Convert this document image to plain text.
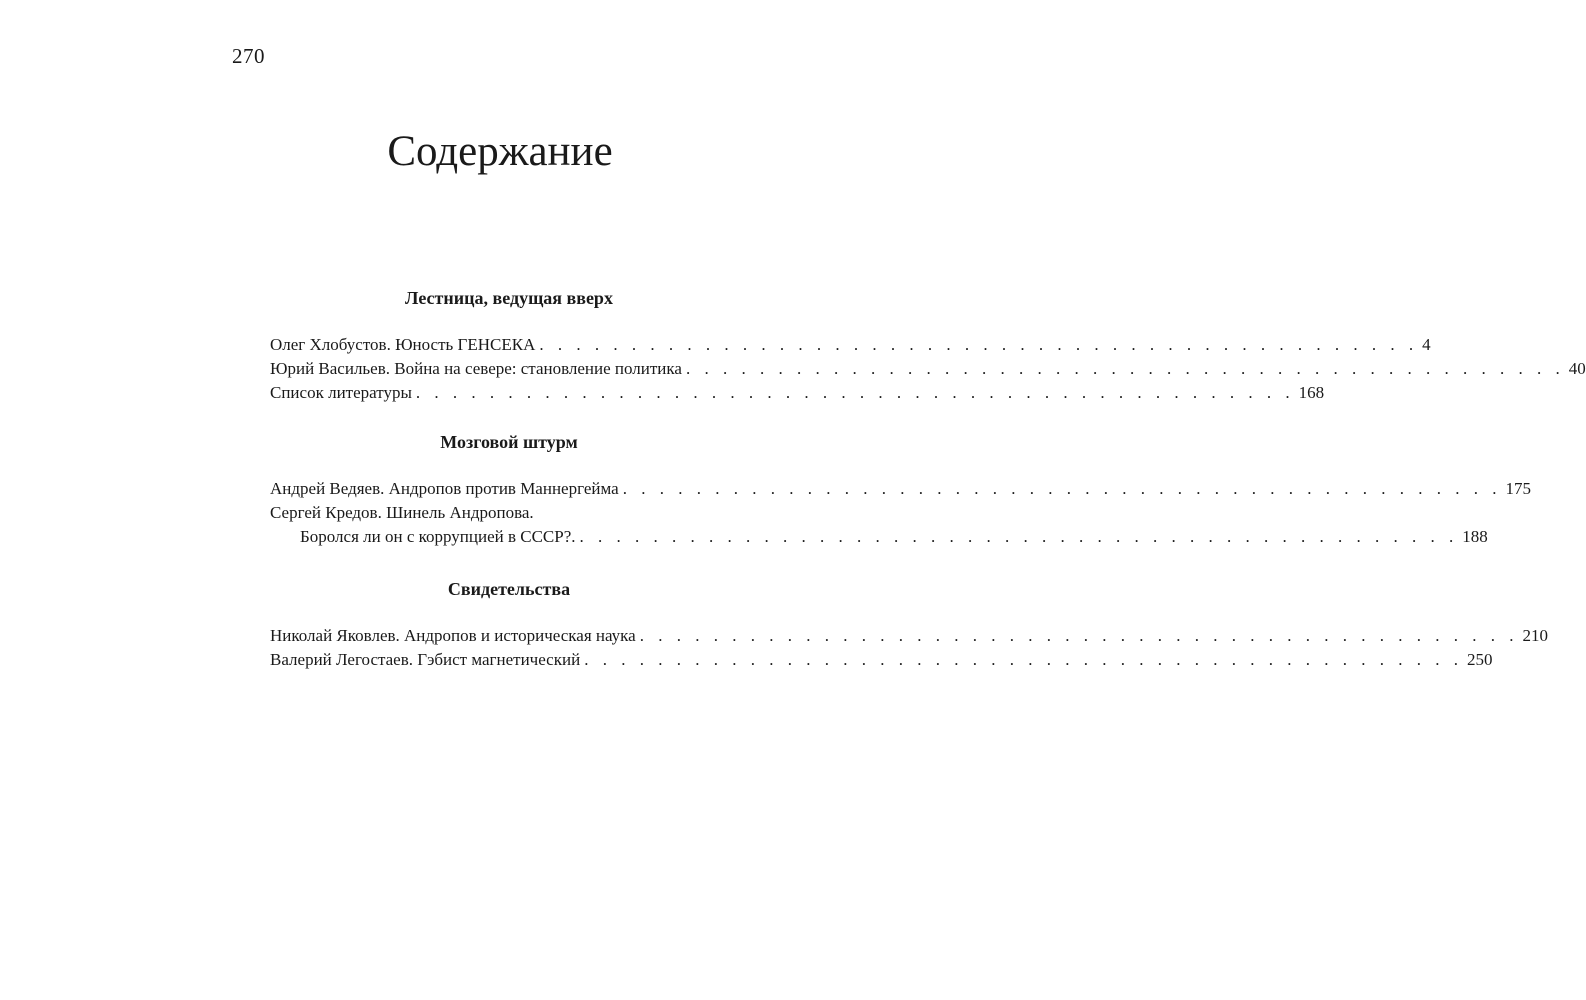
270
Содержание
Лестница, ведущая вверх
Олег Хлобустов. Юность ГЕНСЕКА . . . . . . . . . . . . . . . . . . . . . . . . . . . . . . . . . . . . . . . . . . . . . . . . 4
Юрий Васильев. Война на севере: становление политика . . . . . . . . . . . . . . . . . . . . . . . . . . . . . . . . . . . . . . . . . . . . . . . . 40
Список литературы . . . . . . . . . . . . . . . . . . . . . . . . . . . . . . . . . . . . . . . . . . . . . . . . 168
Мозговой штурм
Андрей Ведяев. Андропов против Маннергейма . . . . . . . . . . . . . . . . . . . . . . . . . . . . . . . . . . . . . . . . . . . . . . . . 175
Сергей Кредов. Шинель Андропова.
Боролся ли он с коррупцией в СССР?. . . . . . . . . . . . . . . . . . . . . . . . . . . . . . . . . . . . . . . . . . . . . . . . . 188
Свидетельства
Николай Яковлев. Андропов и историческая наука . . . . . . . . . . . . . . . . . . . . . . . . . . . . . . . . . . . . . . . . . . . . . . . . 210
Валерий Легостаев. Гэбист магнетический . . . . . . . . . . . . . . . . . . . . . . . . . . . . . . . . . . . . . . . . . . . . . . . . 250
